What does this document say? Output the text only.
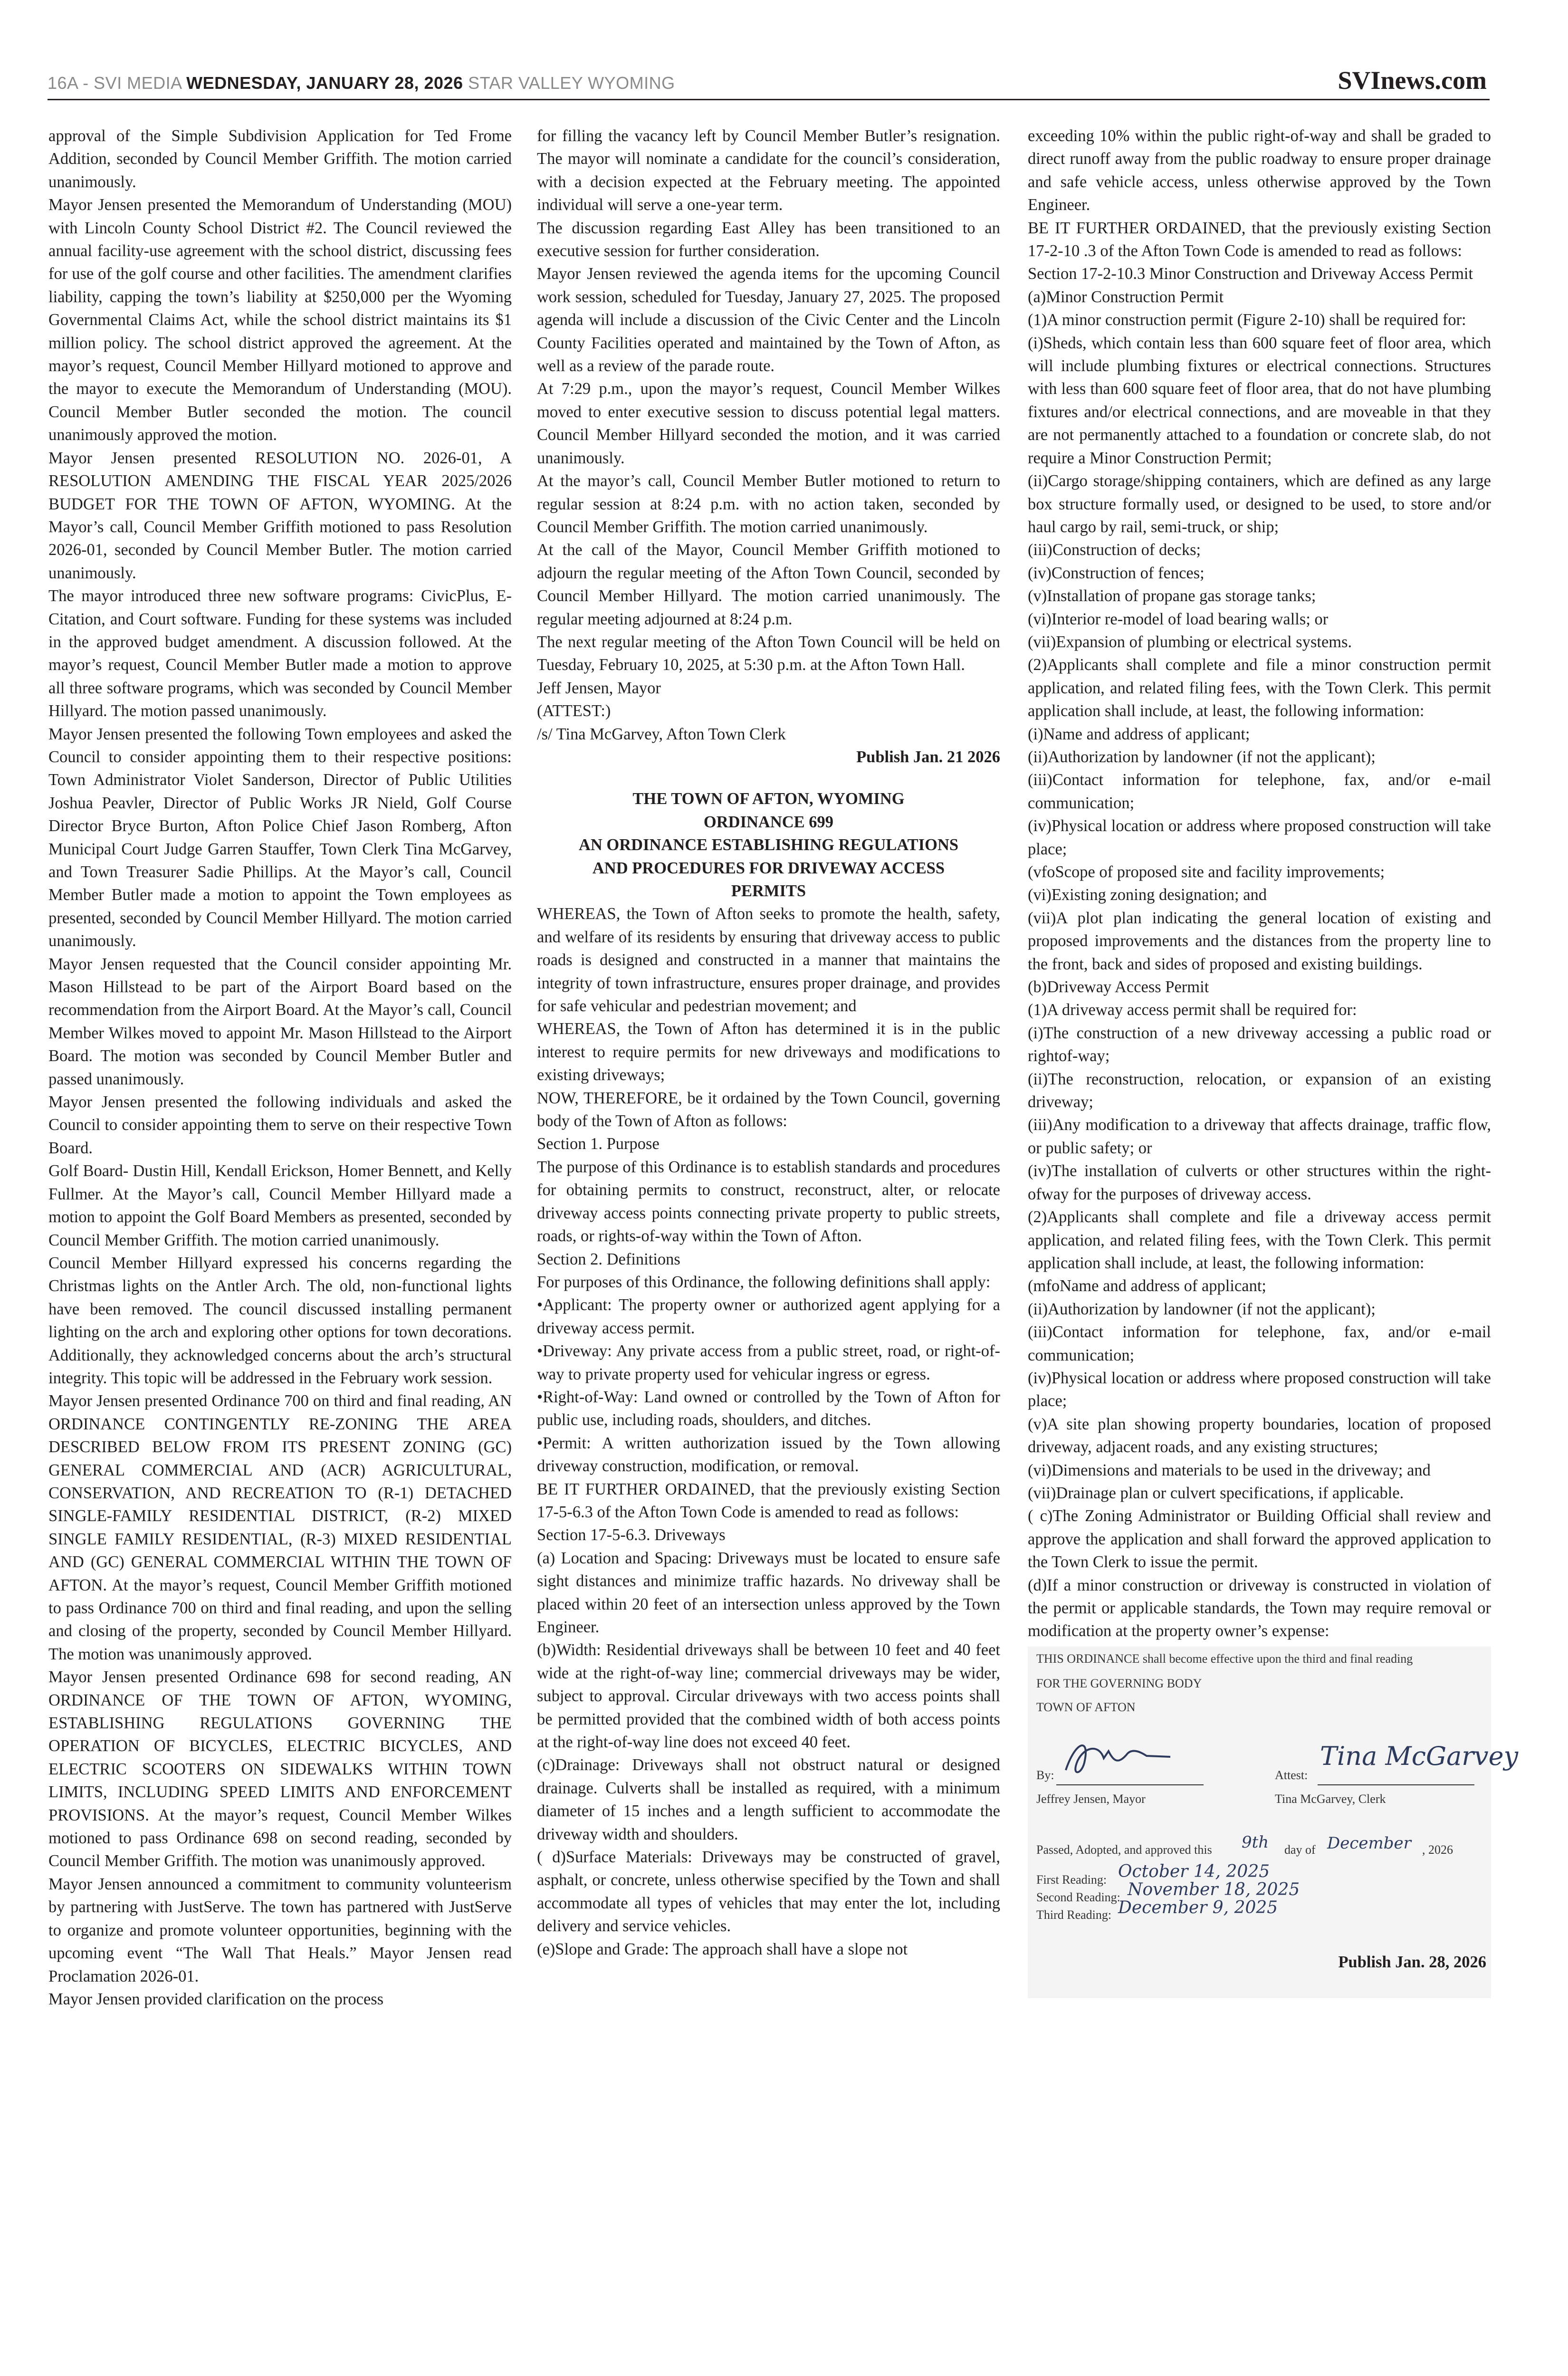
16A - SVI MEDIA WEDNESDAY, JANUARY 28, 2026 STAR VALLEY WYOMING	SVInews.com

approval of the Simple Subdivision Application for Ted Frome Addition, seconded by Council Member Griffith. The motion carried unanimously.

Mayor Jensen presented the Memorandum of Understanding (MOU) with Lincoln County School District #2. The Council reviewed the annual facility-use agreement with the school district, discussing fees for use of the golf course and other facilities. The amendment clarifies liability, capping the town’s liability at $250,000 per the Wyoming Governmental Claims Act, while the school district maintains its $1 million policy. The school district approved the agreement. At the mayor’s request, Council Member Hillyard motioned to approve and the mayor to execute the Memorandum of Understanding (MOU). Council Member Butler seconded the motion. The council unanimously approved the motion.

Mayor Jensen presented RESOLUTION NO. 2026-01, A RESOLUTION AMENDING THE FISCAL YEAR 2025/2026 BUDGET FOR THE TOWN OF AFTON, WYOMING. At the Mayor’s call, Council Member Griffith motioned to pass Resolution 2026-01, seconded by Council Member Butler. The motion carried unanimously.

The mayor introduced three new software programs: CivicPlus, E-Citation, and Court software. Funding for these systems was included in the approved budget amendment. A discussion followed. At the mayor’s request, Council Member Butler made a motion to approve all three software programs, which was seconded by Council Member Hillyard. The motion passed unanimously.

Mayor Jensen presented the following Town employees and asked the Council to consider appointing them to their respective positions: Town Administrator Violet Sanderson, Director of Public Utilities Joshua Peavler, Director of Public Works JR Nield, Golf Course Director Bryce Burton, Afton Police Chief Jason Romberg, Afton Municipal Court Judge Garren Stauffer, Town Clerk Tina McGarvey, and Town Treasurer Sadie Phillips. At the Mayor’s call, Council Member Butler made a motion to appoint the Town employees as presented, seconded by Council Member Hillyard. The motion carried unanimously.

Mayor Jensen requested that the Council consider appointing Mr. Mason Hillstead to be part of the Airport Board based on the recommendation from the Airport Board. At the Mayor’s call, Council Member Wilkes moved to appoint Mr. Mason Hillstead to the Airport Board. The motion was seconded by Council Member Butler and passed unanimously.

Mayor Jensen presented the following individuals and asked the Council to consider appointing them to serve on their respective Town Board.

Golf Board- Dustin Hill, Kendall Erickson, Homer Bennett, and Kelly Fullmer. At the Mayor’s call, Council Member Hillyard made a motion to appoint the Golf Board Members as presented, seconded by Council Member Griffith. The motion carried unanimously.

Council Member Hillyard expressed his concerns regarding the Christmas lights on the Antler Arch. The old, non-functional lights have been removed. The council discussed installing permanent lighting on the arch and exploring other options for town decorations. Additionally, they acknowledged concerns about the arch’s structural integrity. This topic will be addressed in the February work session.

Mayor Jensen presented Ordinance 700 on third and final reading, AN ORDINANCE CONTINGENTLY RE-ZONING THE AREA DESCRIBED BELOW FROM ITS PRESENT ZONING (GC) GENERAL COMMERCIAL AND (ACR) AGRICULTURAL, CONSERVATION, AND RECREATION TO (R-1) DETACHED SINGLE-FAMILY RESIDENTIAL DISTRICT, (R-2) MIXED SINGLE FAMILY RESIDENTIAL, (R-3) MIXED RESIDENTIAL AND (GC) GENERAL COMMERCIAL WITHIN THE TOWN OF AFTON. At the mayor’s request, Council Member Griffith motioned to pass Ordinance 700 on third and final reading, and upon the selling and closing of the property, seconded by Council Member Hillyard. The motion was unanimously approved.

Mayor Jensen presented Ordinance 698 for second reading, AN ORDINANCE OF THE TOWN OF AFTON, WYOMING, ESTABLISHING REGULATIONS GOVERNING THE OPERATION OF BICYCLES, ELECTRIC BICYCLES, AND ELECTRIC SCOOTERS ON SIDEWALKS WITHIN TOWN LIMITS, INCLUDING SPEED LIMITS AND ENFORCEMENT PROVISIONS. At the mayor’s request, Council Member Wilkes motioned to pass Ordinance 698 on second reading, seconded by Council Member Griffith. The motion was unanimously approved.

Mayor Jensen announced a commitment to community volunteerism by partnering with JustServe. The town has partnered with JustServe to organize and promote volunteer opportunities, beginning with the upcoming event “The Wall That Heals.” Mayor Jensen read Proclamation 2026-01.

Mayor Jensen provided clarification on the process

for filling the vacancy left by Council Member Butler’s resignation. The mayor will nominate a candidate for the council’s consideration, with a decision expected at the February meeting. The appointed individual will serve a one-year term.

The discussion regarding East Alley has been transitioned to an executive session for further consideration.

Mayor Jensen reviewed the agenda items for the upcoming Council work session, scheduled for Tuesday, January 27, 2025. The proposed agenda will include a discussion of the Civic Center and the Lincoln County Facilities operated and maintained by the Town of Afton, as well as a review of the parade route.

At 7:29 p.m., upon the mayor’s request, Council Member Wilkes moved to enter executive session to discuss potential legal matters. Council Member Hillyard seconded the motion, and it was carried unanimously.

At the mayor’s call, Council Member Butler motioned to return to regular session at 8:24 p.m. with no action taken, seconded by Council Member Griffith. The motion carried unanimously.

At the call of the Mayor, Council Member Griffith motioned to adjourn the regular meeting of the Afton Town Council, seconded by Council Member Hillyard. The motion carried unanimously. The regular meeting adjourned at 8:24 p.m.

The next regular meeting of the Afton Town Council will be held on Tuesday, February 10, 2025, at 5:30 p.m. at the Afton Town Hall.

Jeff Jensen, Mayor

(ATTEST:)

/s/ Tina McGarvey, Afton Town Clerk

Publish Jan. 21 2026

THE TOWN OF AFTON, WYOMING
ORDINANCE 699
AN ORDINANCE ESTABLISHING REGULATIONS
AND PROCEDURES FOR DRIVEWAY ACCESS
PERMITS

WHEREAS, the Town of Afton seeks to promote the health, safety, and welfare of its residents by ensuring that driveway access to public roads is designed and constructed in a manner that maintains the integrity of town infrastructure, ensures proper drainage, and provides for safe vehicular and pedestrian movement; and

WHEREAS, the Town of Afton has determined it is in the public interest to require permits for new driveways and modifications to existing driveways;

NOW, THEREFORE, be it ordained by the Town Council, governing body of the Town of Afton as follows:

Section 1. Purpose

The purpose of this Ordinance is to establish standards and procedures for obtaining permits to construct, reconstruct, alter, or relocate driveway access points connecting private property to public streets, roads, or rights-of-way within the Town of Afton.

Section 2. Definitions

For purposes of this Ordinance, the following definitions shall apply:

•Applicant: The property owner or authorized agent applying for a driveway access permit.

•Driveway: Any private access from a public street, road, or right-of-way to private property used for vehicular ingress or egress.

•Right-of-Way: Land owned or controlled by the Town of Afton for public use, including roads, shoulders, and ditches.

•Permit: A written authorization issued by the Town allowing driveway construction, modification, or removal.

BE IT FURTHER ORDAINED, that the previously existing Section 17-5-6.3 of the Afton Town Code is amended to read as follows:

Section 17-5-6.3. Driveways

(a) Location and Spacing: Driveways must be located to ensure safe sight distances and minimize traffic hazards. No driveway shall be placed within 20 feet of an intersection unless approved by the Town Engineer.

(b)Width: Residential driveways shall be between 10 feet and 40 feet wide at the right-of-way line; commercial driveways may be wider, subject to approval. Circular driveways with two access points shall be permitted provided that the combined width of both access points at the right-of-way line does not exceed 40 feet.

(c)Drainage: Driveways shall not obstruct natural or designed drainage. Culverts shall be installed as required, with a minimum diameter of 15 inches and a length sufficient to accommodate the driveway width and shoulders.

( d)Surface Materials: Driveways may be constructed of gravel, asphalt, or concrete, unless otherwise specified by the Town and shall accommodate all types of vehicles that may enter the lot, including delivery and service vehicles.

(e)Slope and Grade: The approach shall have a slope not

exceeding 10% within the public right-of-way and shall be graded to direct runoff away from the public roadway to ensure proper drainage and safe vehicle access, unless otherwise approved by the Town Engineer.

BE IT FURTHER ORDAINED, that the previously existing Section 17-2-10 .3 of the Afton Town Code is amended to read as follows:

Section 17-2-10.3 Minor Construction and Driveway Access Permit

(a)Minor Construction Permit

(1)A minor construction permit (Figure 2-10) shall be required for:

(i)Sheds, which contain less than 600 square feet of floor area, which will include plumbing fixtures or electrical connections. Structures with less than 600 square feet of floor area, that do not have plumbing fixtures and/or electrical connections, and are moveable in that they are not permanently attached to a foundation or concrete slab, do not require a Minor Construction Permit;

(ii)Cargo storage/shipping containers, which are defined as any large box structure formally used, or designed to be used, to store and/or haul cargo by rail, semi-truck, or ship;

(iii)Construction of decks;

(iv)Construction of fences;

(v)Installation of propane gas storage tanks;

(vi)Interior re-model of load bearing walls; or

(vii)Expansion of plumbing or electrical systems.

(2)Applicants shall complete and file a minor construction permit application, and related filing fees, with the Town Clerk. This permit application shall include, at least, the following information:

(i)Name and address of applicant;

(ii)Authorization by landowner (if not the applicant);

(iii)Contact information for telephone, fax, and/or e-mail communication;

(iv)Physical location or address where proposed construction will take place;

(vfoScope of proposed site and facility improvements;

(vi)Existing zoning designation; and

(vii)A plot plan indicating the general location of existing and proposed improvements and the distances from the property line to the front, back and sides of proposed and existing buildings.

(b)Driveway Access Permit

(1)A driveway access permit shall be required for:

(i)The construction of a new driveway accessing a public road or rightof-way;

(ii)The reconstruction, relocation, or expansion of an existing driveway;

(iii)Any modification to a driveway that affects drainage, traffic flow, or public safety; or

(iv)The installation of culverts or other structures within the right-ofway for the purposes of driveway access.

(2)Applicants shall complete and file a driveway access permit application, and related filing fees, with the Town Clerk. This permit application shall include, at least, the following information:

(mfoName and address of applicant;

(ii)Authorization by landowner (if not the applicant);

(iii)Contact information for telephone, fax, and/or e-mail communication;

(iv)Physical location or address where proposed construction will take place;

(v)A site plan showing property boundaries, location of proposed driveway, adjacent roads, and any existing structures;

(vi)Dimensions and materials to be used in the driveway; and

(vii)Drainage plan or culvert specifications, if applicable.

( c)The Zoning Administrator or Building Official shall review and approve the application and shall forward the approved application to the Town Clerk to issue the permit.

(d)If a minor construction or driveway is constructed in violation of the permit or applicable standards, the Town may require removal or modification at the property owner’s expense:

THIS ORDINANCE shall become effective upon the third and final reading
FOR THE GOVERNING BODY
TOWN OF AFTON
By:
Jeffrey Jensen, Mayor
Attest:
Tina McGarvey
Tina McGarvey, Clerk
Passed, Adopted, and approved this 9th day of December , 2026
First Reading: October 14, 2025
Second Reading: November 18, 2025
Third Reading: December 9, 2025
Publish Jan. 28, 2026
